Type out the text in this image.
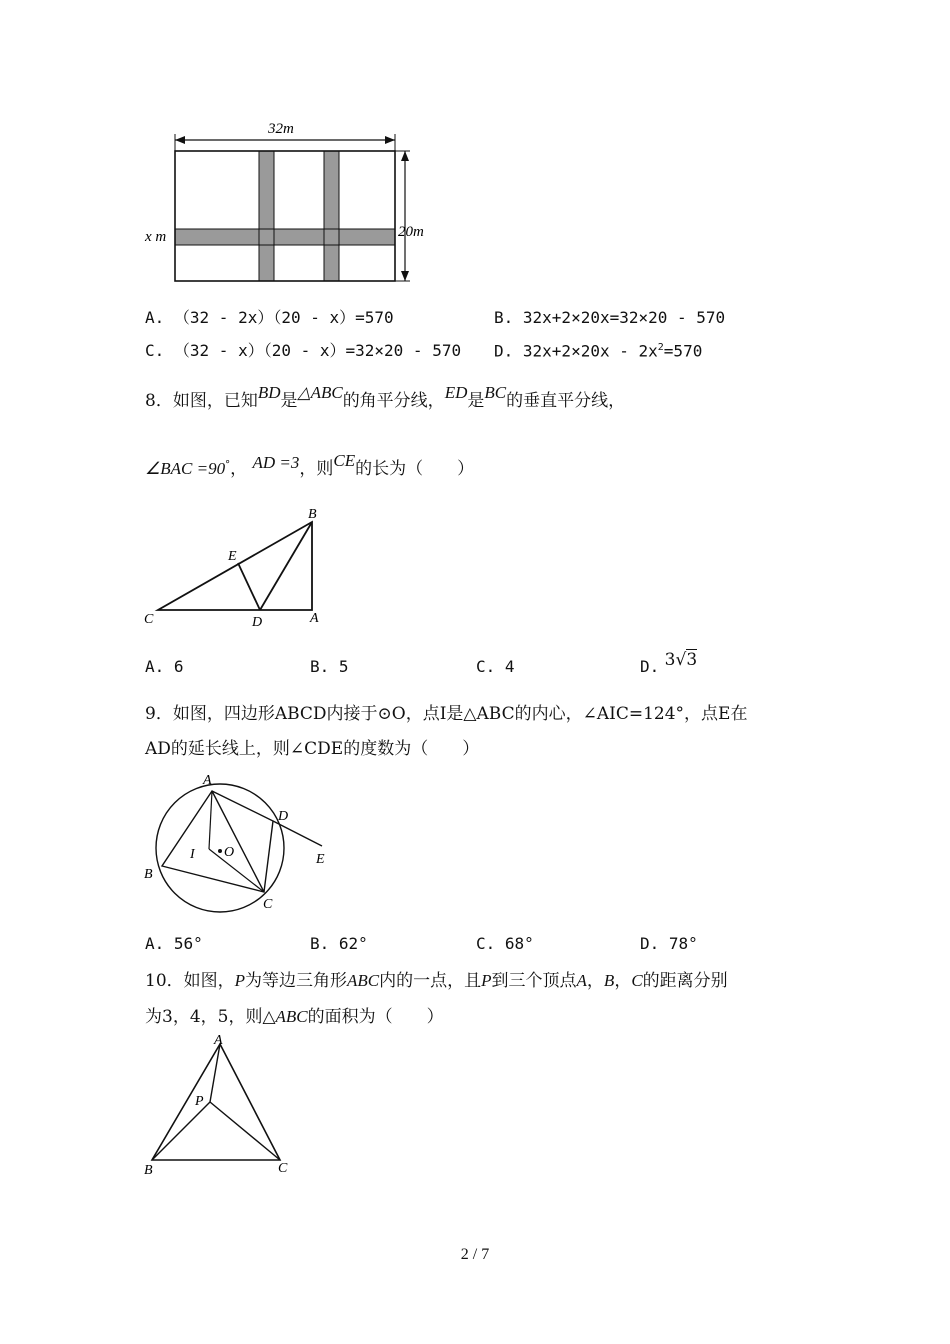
32m
20m
x m
A. （32 - 2x）（20 - x）=570	B. 32x+2×20x=32×20 - 570
C. （32 - x）（20 - x）=32×20 - 570 D. $32x+2\times 20x - 2x^2=570$
8．如图，已知BD是△ABC的角平分线，ED是BC的垂直平分线，
∠BAC =90°， AD =3，则CE的长为（　　）
B
E
C	D	A
A. 6	B. 5	C. 4	D. 3√3
9．如图，四边形ABCD内接于⊙O，点I是△ABC的内心，∠AIC=124°，点E在
AD的延长线上，则∠CDE的度数为（　　）
A
D
E
I O
B
C
A. 56°	B. 62°	C. 68°	D. 78°
10．如图，P为等边三角形ABC内的一点，且P到三个顶点A，B，C的距离分别
为3，4，5，则△ABC的面积为（　　）
A
P
B	C
2 / 7
